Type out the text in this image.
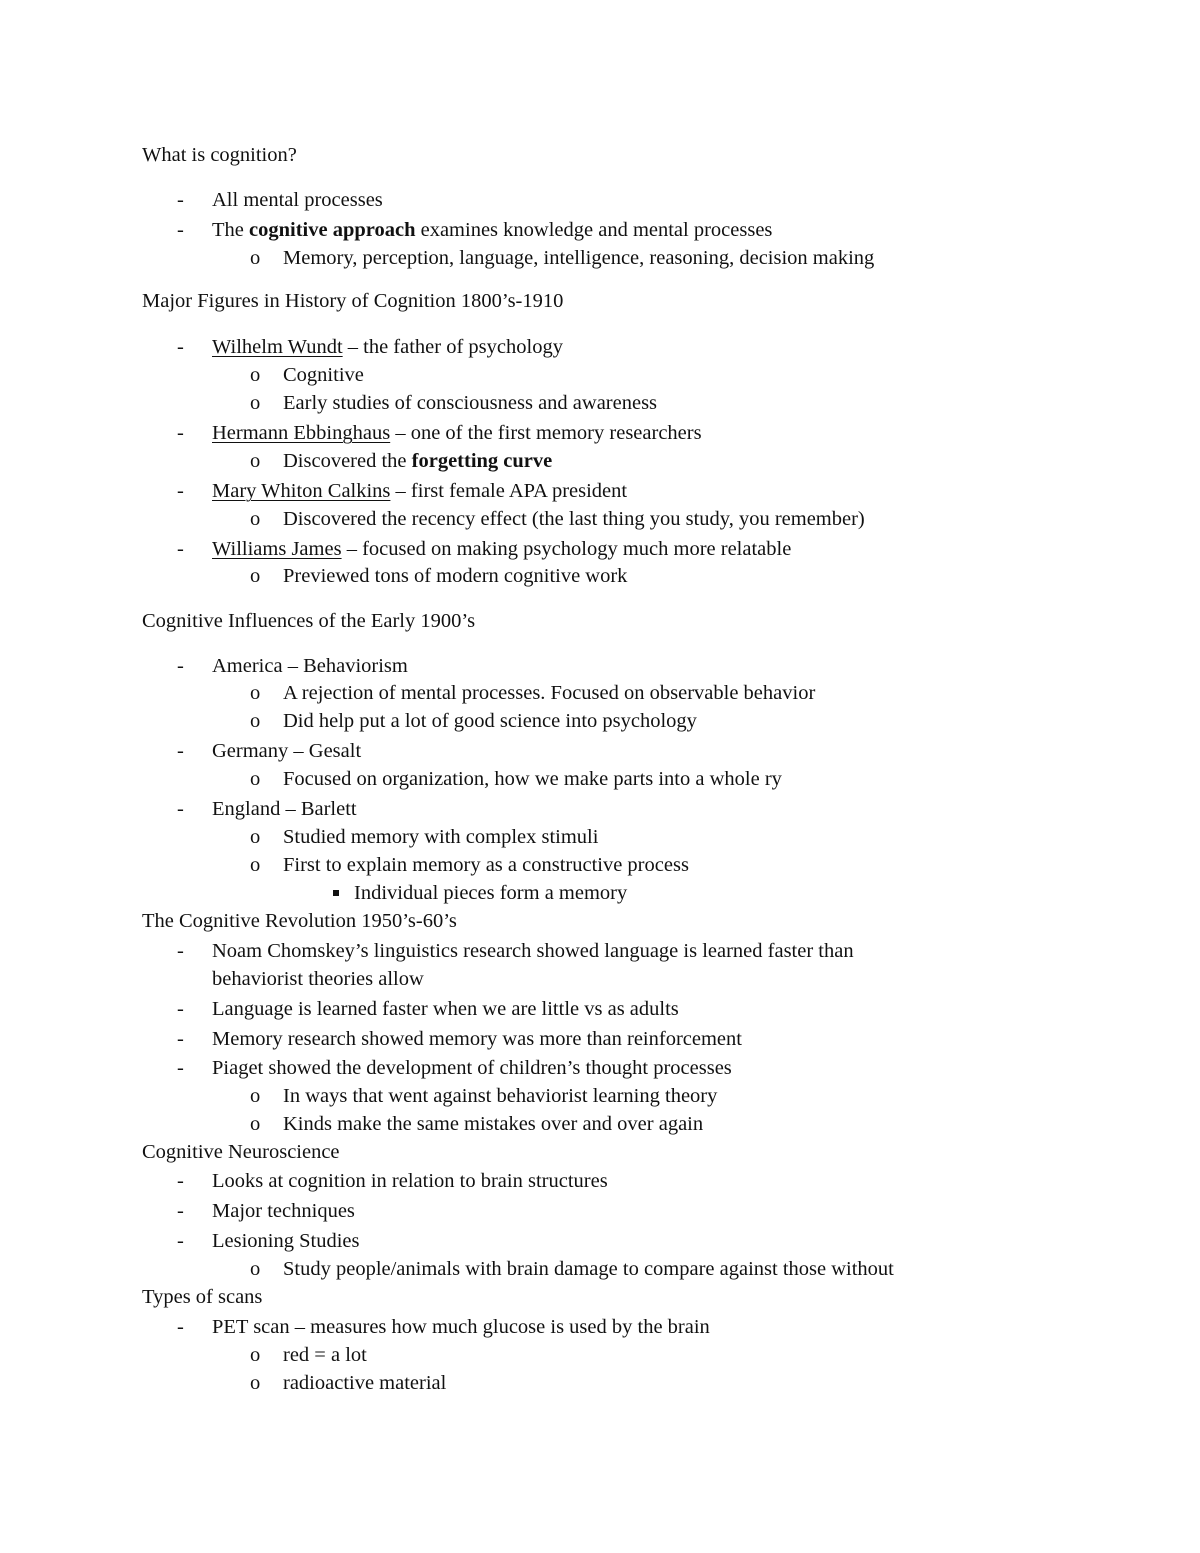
What is cognition?
- All mental processes
- The cognitive approach examines knowledge and mental processes
o Memory, perception, language, intelligence, reasoning, decision making
Major Figures in History of Cognition 1800’s-1910
- Wilhelm Wundt – the father of psychology
o Cognitive
o Early studies of consciousness and awareness
- Hermann Ebbinghaus – one of the first memory researchers
o Discovered the forgetting curve
- Mary Whiton Calkins – first female APA president
o Discovered the recency effect (the last thing you study, you remember)
- Williams James – focused on making psychology much more relatable
o Previewed tons of modern cognitive work
Cognitive Influences of the Early 1900’s
- America – Behaviorism
o A rejection of mental processes. Focused on observable behavior
o Did help put a lot of good science into psychology
- Germany – Gesalt
o Focused on organization, how we make parts into a whole ry
- England – Barlett
o Studied memory with complex stimuli
o First to explain memory as a constructive process
Individual pieces form a memory
The Cognitive Revolution 1950’s-60’s
- Noam Chomskey’s linguistics research showed language is learned faster than
behaviorist theories allow
- Language is learned faster when we are little vs as adults
- Memory research showed memory was more than reinforcement
- Piaget showed the development of children’s thought processes
o In ways that went against behaviorist learning theory
o Kinds make the same mistakes over and over again
Cognitive Neuroscience
- Looks at cognition in relation to brain structures
- Major techniques
- Lesioning Studies
o Study people/animals with brain damage to compare against those without
Types of scans
- PET scan – measures how much glucose is used by the brain
o red = a lot
o radioactive material
